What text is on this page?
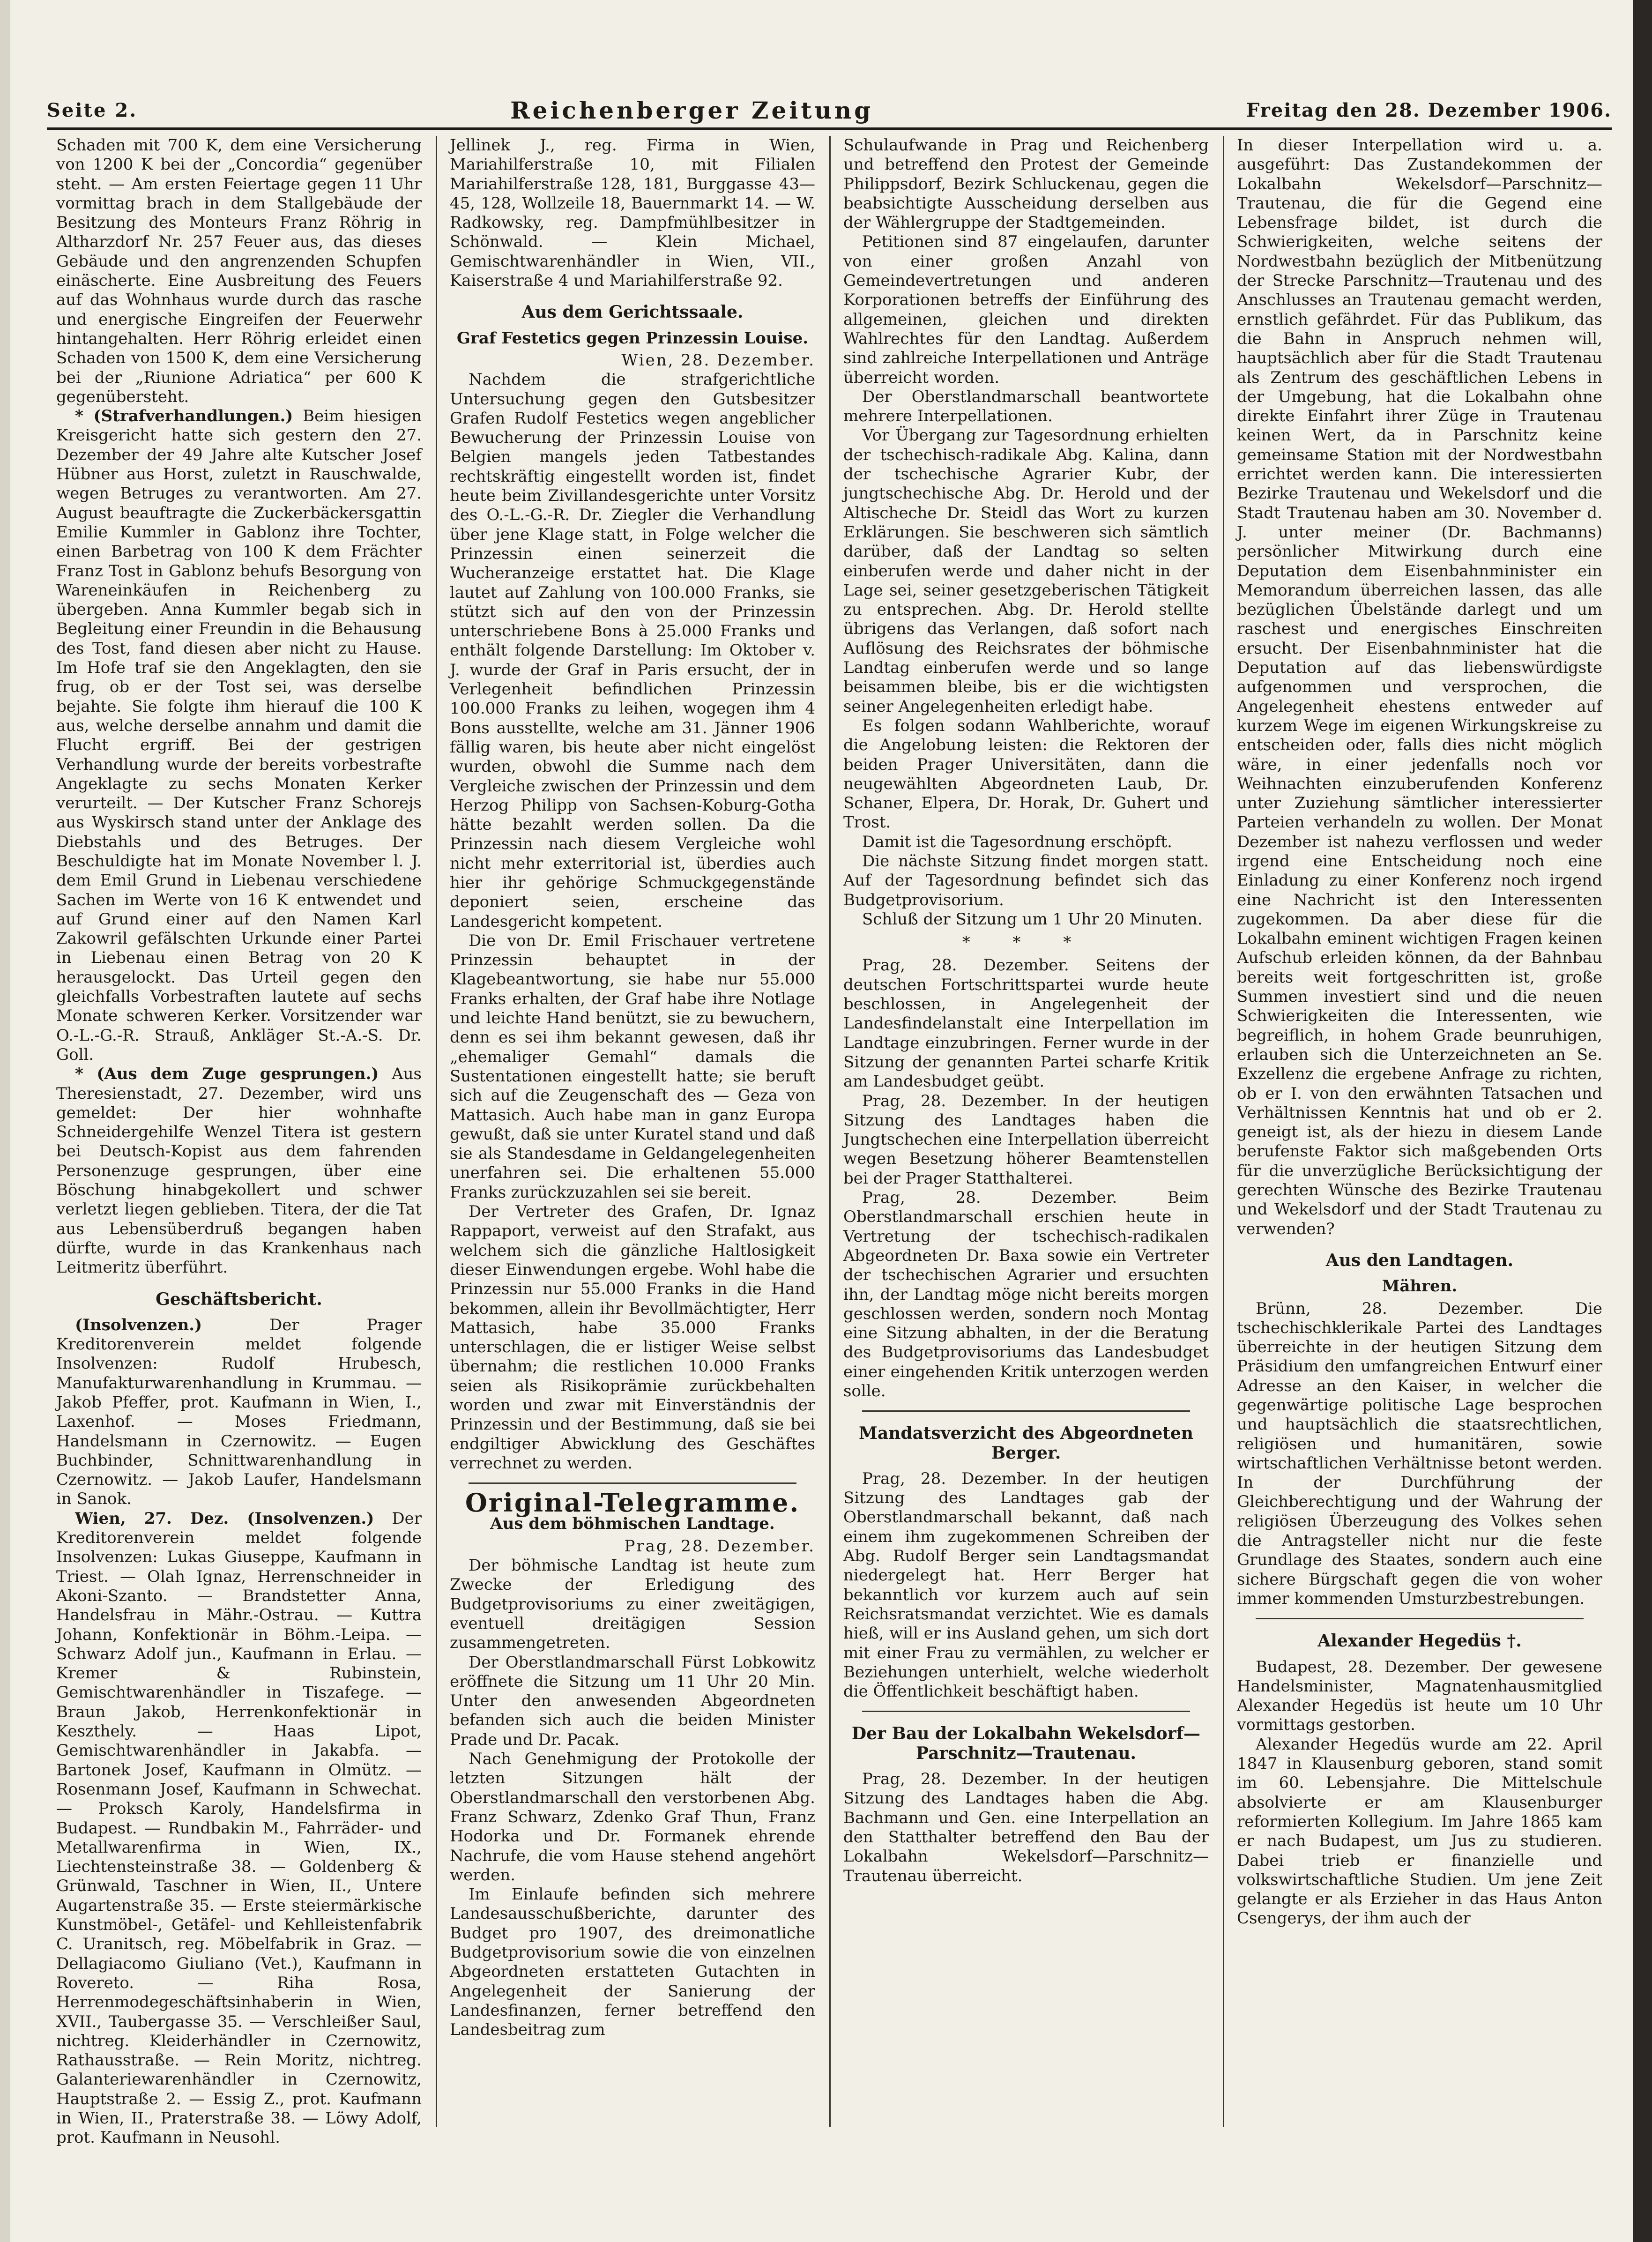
Seite 2.	Reichenberger Zeitung	Freitag den 28. Dezember 1906.

Schaden mit 700 K, dem eine Versicherung von 1200 K bei der „Concordia“ gegenüber steht. — Am ersten Feiertage gegen 11 Uhr vormittag brach in dem Stallgebäude der Besitzung des Monteurs Franz Röhrig in Altharzdorf Nr. 257 Feuer aus, das dieses Gebäude und den angrenzenden Schupfen einäscherte. Eine Ausbreitung des Feuers auf das Wohnhaus wurde durch das rasche und energische Eingreifen der Feuerwehr hintangehalten. Herr Röhrig erleidet einen Schaden von 1500 K, dem eine Versicherung bei der „Riunione Adriatica“ per 600 K gegenübersteht.

* (Strafverhandlungen.) Beim hiesigen Kreisgericht hatte sich gestern den 27. Dezember der 49 Jahre alte Kutscher Josef Hübner aus Horst, zuletzt in Rauschwalde, wegen Betruges zu verantworten. Am 27. August beauftragte die Zuckerbäckersgattin Emilie Kummler in Gablonz ihre Tochter, einen Barbetrag von 100 K dem Frächter Franz Tost in Gablonz behufs Besorgung von Wareneinkäufen in Reichenberg zu übergeben. Anna Kummler begab sich in Begleitung einer Freundin in die Behausung des Tost, fand diesen aber nicht zu Hause. Im Hofe traf sie den Angeklagten, den sie frug, ob er der Tost sei, was derselbe bejahte. Sie folgte ihm hierauf die 100 K aus, welche derselbe annahm und damit die Flucht ergriff. Bei der gestrigen Verhandlung wurde der bereits vorbestrafte Angeklagte zu sechs Monaten Kerker verurteilt. — Der Kutscher Franz Schorejs aus Wyskirsch stand unter der Anklage des Diebstahls und des Betruges. Der Beschuldigte hat im Monate November l. J. dem Emil Grund in Liebenau verschiedene Sachen im Werte von 16 K entwendet und auf Grund einer auf den Namen Karl Zakowril gefälschten Urkunde einer Partei in Liebenau einen Betrag von 20 K herausgelockt. Das Urteil gegen den gleichfalls Vorbestraften lautete auf sechs Monate schweren Kerker. Vorsitzender war O.-L.-G.-R. Strauß, Ankläger St.-A.-S. Dr. Goll.

* (Aus dem Zuge gesprungen.) Aus Theresienstadt, 27. Dezember, wird uns gemeldet: Der hier wohnhafte Schneidergehilfe Wenzel Titera ist gestern bei Deutsch-Kopist aus dem fahrenden Personenzuge gesprungen, über eine Böschung hinabgekollert und schwer verletzt liegen geblieben. Titera, der die Tat aus Lebensüberdruß begangen haben dürfte, wurde in das Krankenhaus nach Leitmeritz überführt.

Geschäftsbericht.

(Insolvenzen.)	Der Prager Kreditorenverein meldet folgende Insolvenzen: Rudolf Hrubesch, Manufakturwarenhandlung in Krummau. — Jakob Pfeffer, prot. Kaufmann in Wien, I., Laxenhof. — Moses Friedmann, Handelsmann in Czernowitz. — Eugen Buchbinder, Schnittwarenhandlung in Czernowitz. — Jakob Laufer, Handelsmann in Sanok.

Wien, 27. Dez. (Insolvenzen.) Der Kreditorenverein meldet folgende Insolvenzen: Lukas Giuseppe, Kaufmann in Triest. — Olah Ignaz, Herrenschneider in Akoni-Szanto. — Brandstetter Anna, Handelsfrau in Mähr.-Ostrau. — Kuttra Johann, Konfektionär in Böhm.-Leipa. — Schwarz Adolf jun., Kaufmann in Erlau. — Kremer & Rubinstein, Gemischtwarenhändler in Tiszafege. — Braun Jakob, Herrenkonfektionär in Keszthely. — Haas Lipot, Gemischtwarenhändler in Jakabfa. — Bartonek Josef, Kaufmann in Olmütz. — Rosenmann Josef, Kaufmann in Schwechat. — Proksch Karoly, Handelsfirma in Budapest. — Rundbakin M., Fahrräder- und Metallwarenfirma in Wien, IX., Liechtensteinstraße 38. — Goldenberg & Grünwald, Taschner in Wien, II., Untere Augartenstraße 35. — Erste steiermärkische Kunstmöbel-, Getäfel- und Kehlleistenfabrik C. Uranitsch, reg. Möbelfabrik in Graz. — Dellagiacomo Giuliano (Vet.), Kaufmann in Rovereto. — Riha Rosa, Herrenmodegeschäftsinhaberin in Wien, XVII., Taubergasse 35. — Verschleißer Saul, nichtreg. Kleiderhändler in Czernowitz, Rathausstraße. — Rein Moritz, nichtreg. Galanteriewarenhändler in Czernowitz, Hauptstraße 2. — Essig Z., prot. Kaufmann in Wien, II., Praterstraße 38. — Löwy Adolf, prot. Kaufmann in Neusohl.

Jellinek J., reg. Firma in Wien, Mariahilferstraße 10, mit Filialen Mariahilferstraße 128, 181, Burggasse 43—45, 128, Wollzeile 18, Bauernmarkt 14. — W. Radkowsky, reg. Dampfmühlbesitzer in Schönwald. — Klein Michael, Gemischtwarenhändler in Wien, VII., Kaiserstraße 4 und Mariahilferstraße 92.

Aus dem Gerichtssaale.
Graf Festetics gegen Prinzessin Louise.

Wien, 28. Dezember.

Nachdem die strafgerichtliche Untersuchung gegen den Gutsbesitzer Grafen Rudolf Festetics wegen angeblicher Bewucherung der Prinzessin Louise von Belgien mangels jeden Tatbestandes rechtskräftig eingestellt worden ist, findet heute beim Zivillandesgerichte unter Vorsitz des O.-L.-G.-R. Dr. Ziegler die Verhandlung über jene Klage statt, in Folge welcher die Prinzessin einen seinerzeit die Wucheranzeige erstattet hat. Die Klage lautet auf Zahlung von 100.000 Franks, sie stützt sich auf den von der Prinzessin unterschriebene Bons à 25.000 Franks und enthält folgende Darstellung: Im Oktober v. J. wurde der Graf in Paris ersucht, der in Verlegenheit befindlichen Prinzessin 100.000 Franks zu leihen, wogegen ihm 4 Bons ausstellte, welche am 31. Jänner 1906 fällig waren, bis heute aber nicht eingelöst wurden, obwohl die Summe nach dem Vergleiche zwischen der Prinzessin und dem Herzog Philipp von Sachsen-Koburg-Gotha hätte bezahlt werden sollen. Da die Prinzessin nach diesem Vergleiche wohl nicht mehr exterritorial ist, überdies auch hier ihr gehörige Schmuckgegenstände deponiert seien, erscheine das Landesgericht kompetent.

Die von Dr. Emil Frischauer vertretene Prinzessin behauptet in der Klagebeantwortung, sie habe nur 55.000 Franks erhalten, der Graf habe ihre Notlage und leichte Hand benützt, sie zu bewuchern, denn es sei ihm bekannt gewesen, daß ihr „ehemaliger Gemahl“ damals die Sustentationen eingestellt hatte; sie beruft sich auf die Zeugenschaft des — Geza von Mattasich. Auch habe man in ganz Europa gewußt, daß sie unter Kuratel stand und daß sie als Standesdame in Geldangelegenheiten unerfahren sei. Die erhaltenen 55.000 Franks zurückzuzahlen sei sie bereit.

Der Vertreter des Grafen, Dr. Ignaz Rappaport, verweist auf den Strafakt, aus welchem sich die gänzliche Haltlosigkeit dieser Einwendungen ergebe. Wohl habe die Prinzessin nur 55.000 Franks in die Hand bekommen, allein ihr Bevollmächtigter, Herr Mattasich, habe 35.000 Franks unterschlagen, die er listiger Weise selbst übernahm; die restlichen 10.000 Franks seien als Risikoprämie zurückbehalten worden und zwar mit Einverständnis der Prinzessin und der Bestimmung, daß sie bei endgiltiger Abwicklung des Geschäftes verrechnet zu werden.

Original-Telegramme.
Aus dem böhmischen Landtage.

Prag, 28. Dezember.

Der böhmische Landtag ist heute zum Zwecke der Erledigung des Budgetprovisoriums zu einer zweitägigen, eventuell dreitägigen Session zusammengetreten.

Der Oberstlandmarschall Fürst Lobkowitz eröffnete die Sitzung um 11 Uhr 20 Min. Unter den anwesenden Abgeordneten befanden sich auch die beiden Minister Prade und Dr. Pacak.

Nach Genehmigung der Protokolle der letzten Sitzungen hält der Oberstlandmarschall den verstorbenen Abg. Franz Schwarz, Zdenko Graf Thun, Franz Hodorka und Dr. Formanek ehrende Nachrufe, die vom Hause stehend angehört werden.

Im Einlaufe befinden sich mehrere Landesausschußberichte, darunter des Budget pro 1907, des dreimonatliche Budgetprovisorium sowie die von einzelnen Abgeordneten erstatteten Gutachten in Angelegenheit der Sanierung der Landesfinanzen, ferner betreffend den Landesbeitrag zum

Schulaufwande in Prag und Reichenberg und betreffend den Protest der Gemeinde Philippsdorf, Bezirk Schluckenau, gegen die beabsichtigte Ausscheidung derselben aus der Wählergruppe der Stadtgemeinden.

Petitionen sind 87 eingelaufen, darunter von einer großen Anzahl von Gemeindevertretungen und anderen Korporationen betreffs der Einführung des allgemeinen, gleichen und direkten Wahlrechtes für den Landtag. Außerdem sind zahlreiche Interpellationen und Anträge überreicht worden.

Der Oberstlandmarschall beantwortete mehrere Interpellationen.

Vor Übergang zur Tagesordnung erhielten der tschechisch-radikale Abg. Kalina, dann der tschechische Agrarier Kubr, der jungtschechische Abg. Dr. Herold und der Altischeche Dr. Steidl das Wort zu kurzen Erklärungen. Sie beschweren sich sämtlich darüber, daß der Landtag so selten einberufen werde und daher nicht in der Lage sei, seiner gesetzgeberischen Tätigkeit zu entsprechen. Abg. Dr. Herold stellte übrigens das Verlangen, daß sofort nach Auflösung des Reichsrates der böhmische Landtag einberufen werde und so lange beisammen bleibe, bis er die wichtigsten seiner Angelegenheiten erledigt habe.

Es folgen sodann Wahlberichte, worauf die Angelobung leisten: die Rektoren der beiden Prager Universitäten, dann die neugewählten Abgeordneten Laub, Dr. Schaner, Elpera, Dr. Horak, Dr. Guhert und Trost.

Damit ist die Tagesordnung erschöpft.

Die nächste Sitzung findet morgen statt. Auf der Tagesordnung befindet sich das Budgetprovisorium.

Schluß der Sitzung um 1 Uhr 20 Minuten.

* * *

Prag, 28. Dezember. Seitens der deutschen Fortschrittspartei wurde heute beschlossen, in Angelegenheit der Landesfindelanstalt eine Interpellation im Landtage einzubringen. Ferner wurde in der Sitzung der genannten Partei scharfe Kritik am Landesbudget geübt.

Prag, 28. Dezember. In der heutigen Sitzung des Landtages haben die Jungtschechen eine Interpellation überreicht wegen Besetzung höherer Beamtenstellen bei der Prager Statthalterei.

Prag, 28. Dezember. Beim Oberstlandmarschall erschien heute in Vertretung der tschechisch-radikalen Abgeordneten Dr. Baxa sowie ein Vertreter der tschechischen Agrarier und ersuchten ihn, der Landtag möge nicht bereits morgen geschlossen werden, sondern noch Montag eine Sitzung abhalten, in der die Beratung des Budgetprovisoriums das Landesbudget einer eingehenden Kritik unterzogen werden solle.

Mandatsverzicht des Abgeordneten Berger.

Prag, 28. Dezember. In der heutigen Sitzung des Landtages gab der Oberstlandmarschall bekannt, daß nach einem ihm zugekommenen Schreiben der Abg. Rudolf Berger sein Landtagsmandat niedergelegt hat. Herr Berger hat bekanntlich vor kurzem auch auf sein Reichsratsmandat verzichtet. Wie es damals hieß, will er ins Ausland gehen, um sich dort mit einer Frau zu vermählen, zu welcher er Beziehungen unterhielt, welche wiederholt die Öffentlichkeit beschäftigt haben.

Der Bau der Lokalbahn Wekelsdorf—Parschnitz—Trautenau.

Prag, 28. Dezember. In der heutigen Sitzung des Landtages haben die Abg. Bachmann und Gen. eine Interpellation an den Statthalter betreffend den Bau der Lokalbahn Wekelsdorf—Parschnitz—Trautenau überreicht.

In dieser Interpellation wird u. a. ausgeführt: Das Zustandekommen der Lokalbahn Wekelsdorf—Parschnitz—Trautenau, die für die Gegend eine Lebensfrage bildet, ist durch die Schwierigkeiten, welche seitens der Nordwestbahn bezüglich der Mitbenützung der Strecke Parschnitz—Trautenau und des Anschlusses an Trautenau gemacht werden, ernstlich gefährdet. Für das Publikum, das die Bahn in Anspruch nehmen will, hauptsächlich aber für die Stadt Trautenau als Zentrum des geschäftlichen Lebens in der Umgebung, hat die Lokalbahn ohne direkte Einfahrt ihrer Züge in Trautenau keinen Wert, da in Parschnitz keine gemeinsame Station mit der Nordwestbahn errichtet werden kann. Die interessierten Bezirke Trautenau und Wekelsdorf und die Stadt Trautenau haben am 30. November d. J. unter meiner (Dr. Bachmanns) persönlicher Mitwirkung durch eine Deputation dem Eisenbahnminister ein Memorandum überreichen lassen, das alle bezüglichen Übelstände darlegt und um raschest und energisches Einschreiten ersucht. Der Eisenbahnminister hat die Deputation auf das liebenswürdigste aufgenommen und versprochen, die Angelegenheit ehestens entweder auf kurzem Wege im eigenen Wirkungskreise zu entscheiden oder, falls dies nicht möglich wäre, in einer jedenfalls noch vor Weihnachten einzuberufenden Konferenz unter Zuziehung sämtlicher interessierter Parteien verhandeln zu wollen. Der Monat Dezember ist nahezu verflossen und weder irgend eine Entscheidung noch eine Einladung zu einer Konferenz noch irgend eine Nachricht ist den Interessenten zugekommen. Da aber diese für die Lokalbahn eminent wichtigen Fragen keinen Aufschub erleiden können, da der Bahnbau bereits weit fortgeschritten ist, große Summen investiert sind und die neuen Schwierigkeiten die Interessenten, wie begreiflich, in hohem Grade beunruhigen, erlauben sich die Unterzeichneten an Se. Exzellenz die ergebene Anfrage zu richten, ob er I. von den erwähnten Tatsachen und Verhältnissen Kenntnis hat und ob er 2. geneigt ist, als der hiezu in diesem Lande berufenste Faktor sich maßgebenden Orts für die unverzügliche Berücksichtigung der gerechten Wünsche des Bezirke Trautenau und Wekelsdorf und der Stadt Trautenau zu verwenden?

Aus den Landtagen.
Mähren.

Brünn, 28. Dezember. Die tschechischklerikale Partei des Landtages überreichte in der heutigen Sitzung dem Präsidium den umfangreichen Entwurf einer Adresse an den Kaiser, in welcher die gegenwärtige politische Lage besprochen und hauptsächlich die staatsrechtlichen, religiösen und humanitären, sowie wirtschaftlichen Verhältnisse betont werden. In der Durchführung der Gleichberechtigung und der Wahrung der religiösen Überzeugung des Volkes sehen die Antragsteller nicht nur die feste Grundlage des Staates, sondern auch eine sichere Bürgschaft gegen die von woher immer kommenden Umsturzbestrebungen.

Alexander Hegedüs †.

Budapest, 28. Dezember. Der gewesene Handelsminister, Magnatenhausmitglied Alexander Hegedüs ist heute um 10 Uhr vormittags gestorben.

Alexander Hegedüs wurde am 22. April 1847 in Klausenburg geboren, stand somit im 60. Lebensjahre. Die Mittelschule absolvierte er am Klausenburger reformierten Kollegium. Im Jahre 1865 kam er nach Budapest, um Jus zu studieren. Dabei trieb er finanzielle und volkswirtschaftliche Studien. Um jene Zeit gelangte er als Erzieher in das Haus Anton Csengerys, der ihm auch der
